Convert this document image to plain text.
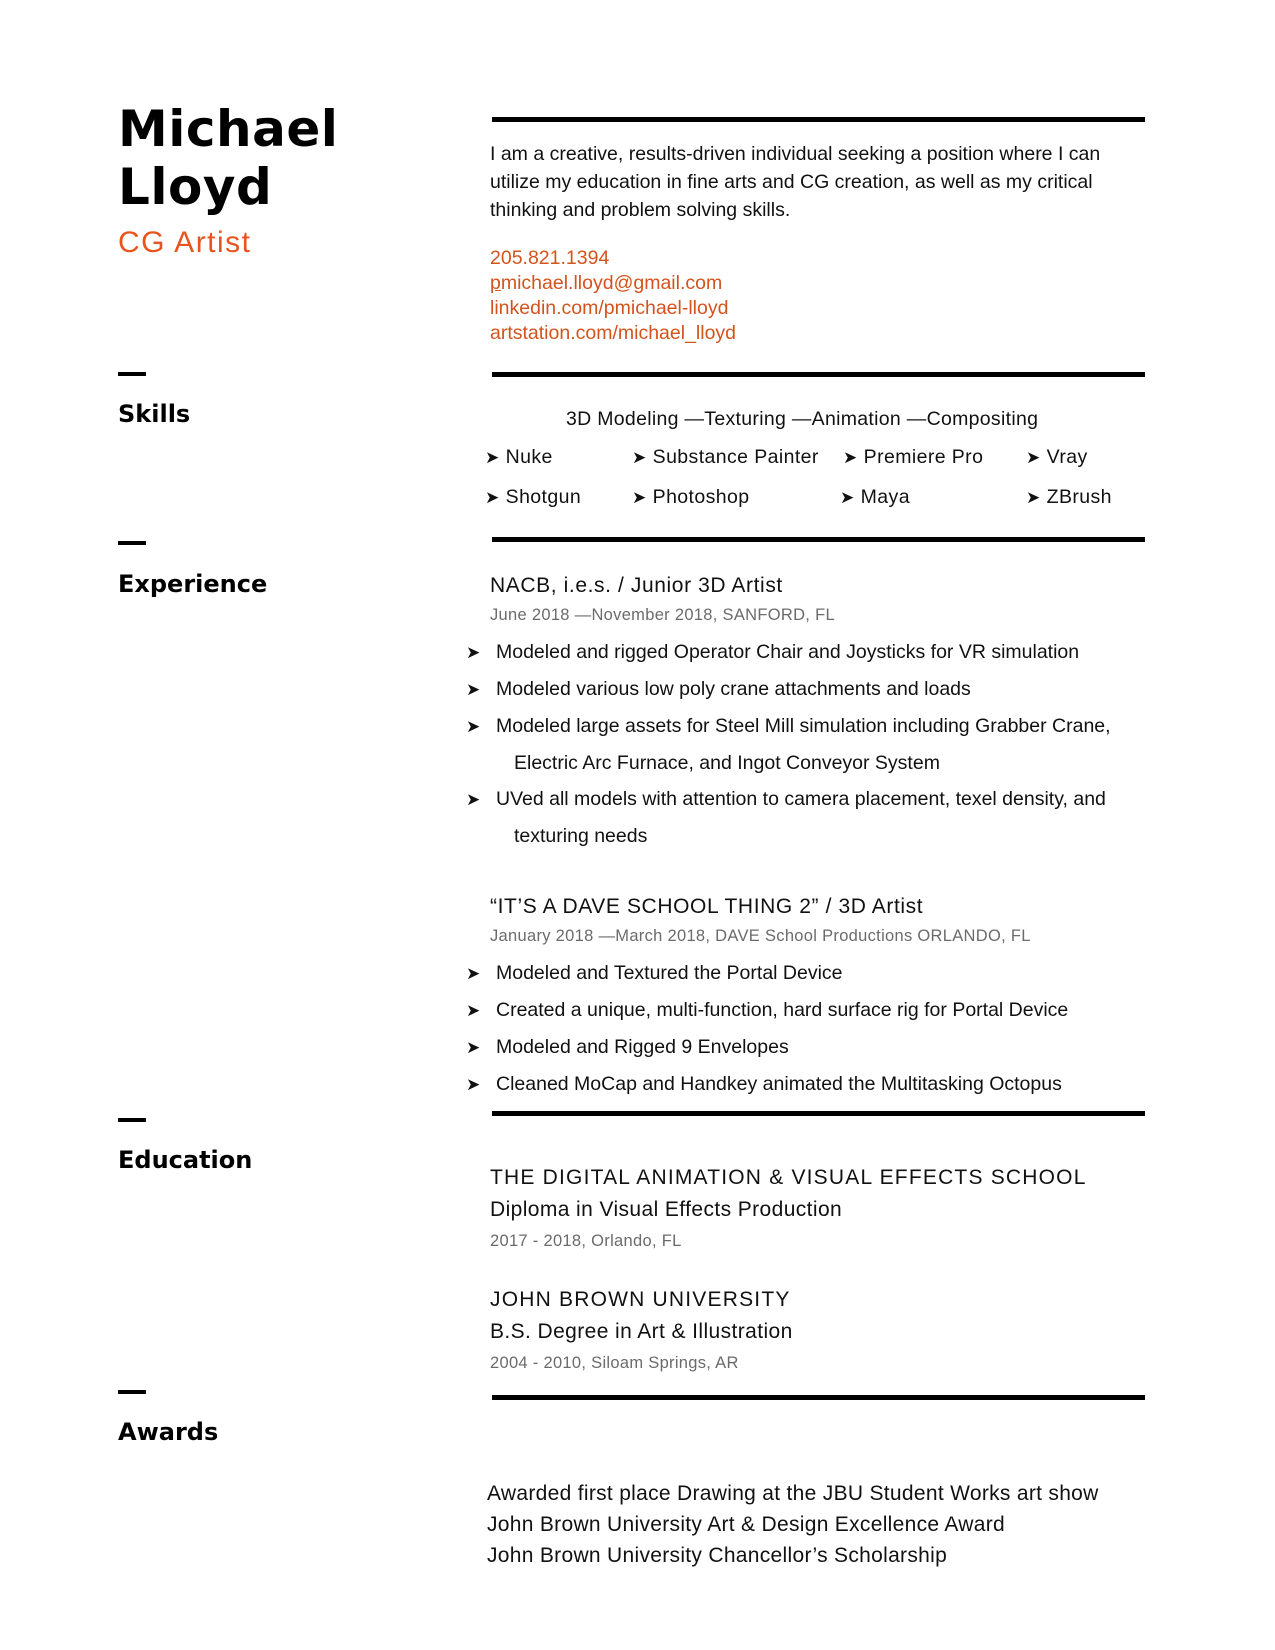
Michael
Lloyd
CG Artist
I am a creative, results-driven individual seeking a position where I can
utilize my education in fine arts and CG creation, as well as my critical
thinking and problem solving skills.
205.821.1394
pmichael.lloyd@gmail.com
linkedin.com/pmichael-lloyd
artstation.com/michael_lloyd
Skills
Experience
Education
Awards
3D Modeling —Texturing —Animation —Compositing
➤ Nuke	➤ Substance Painter ➤ Premiere Pro	➤ Vray
➤ Shotgun	➤ Photoshop	➤ Maya	➤ ZBrush
NACB, i.e.s. / Junior 3D Artist
June 2018 —November 2018, SANFORD, FL
➤ Modeled and rigged Operator Chair and Joysticks for VR simulation
➤ Modeled various low poly crane attachments and loads
➤ Modeled large assets for Steel Mill simulation including Grabber Crane, Electric Arc Furnace, and Ingot Conveyor System
➤ UVed all models with attention to camera placement, texel density, and texturing needs
“IT’S A DAVE SCHOOL THING 2” / 3D Artist
January 2018 —March 2018, DAVE School Productions ORLANDO, FL
➤ Modeled and Textured the Portal Device
➤ Created a unique, multi-function, hard surface rig for Portal Device
➤ Modeled and Rigged 9 Envelopes
➤ Cleaned MoCap and Handkey animated the Multitasking Octopus
THE DIGITAL ANIMATION & VISUAL EFFECTS SCHOOL
Diploma in Visual Effects Production
2017 - 2018, Orlando, FL
JOHN BROWN UNIVERSITY
B.S. Degree in Art & Illustration
2004 - 2010, Siloam Springs, AR
Awarded first place Drawing at the JBU Student Works art show
John Brown University Art & Design Excellence Award
John Brown University Chancellor’s Scholarship
